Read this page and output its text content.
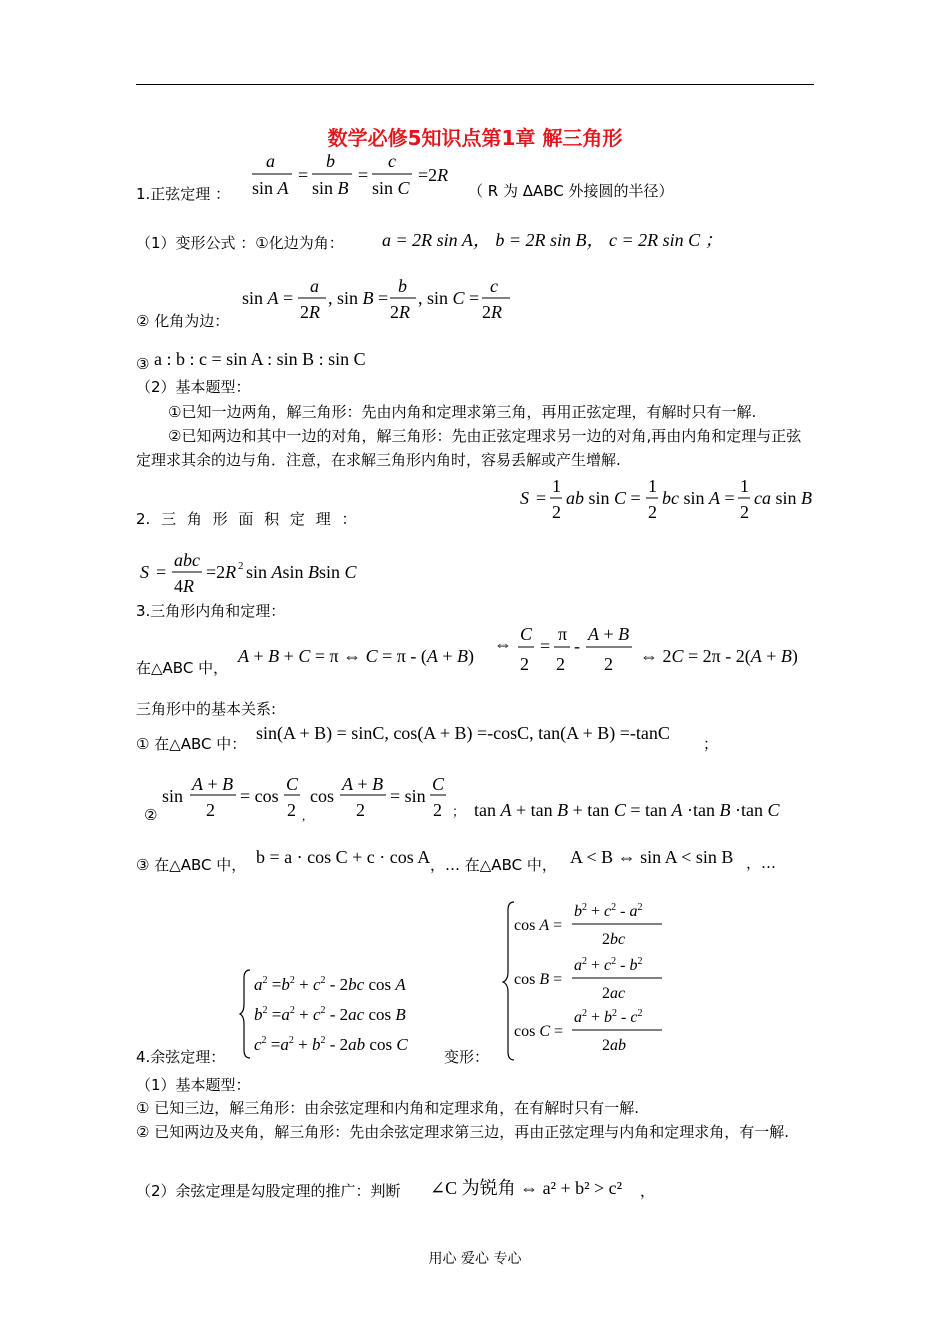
数学必修5知识点第1章 解三角形
1.正弦定理 ：
a
sin A
=
b
sin B
=
c
sin C
=2R
（ R 为 ΔABC 外接圆的半径）
（1）变形公式 ：①化边为角： a = 2R sin A， b = 2R sin B， c = 2R sin C ；
② 化角为边：
sin A =
a
2R
, sin B =
b
2R
, sin C =
c
2R
③ a : b : c = sin A : sin B : sin C
（2）基本题型：
①已知一边两角，解三角形：先由内角和定理求第三角，再用正弦定理，有解时只有一解.
②已知两边和其中一边的对角，解三角形：先由正弦定理求另一边的对角,再由内角和定理与正弦定理求其余的边与角．注意，在求解三角形内角时，容易丢解或产生增解.
2. 三 角 形 面 积 定 理 ：
S =
1
2
ab sin C =
1
2
bc sin A =
1
2
ca sin B
S =
abc
4R
=2R 2 sin Asin Bsin C
3.三角形内角和定理：
在△ABC 中，
A + B + C = π ⇔ C = π - (A + B)
⇔ C
2
=
π
2
-
A + B
2 ⇔ 2C = 2π - 2(A + B)
三角形中的基本关系:
① 在△ABC 中：
sin(A + B) = sinC, cos(A + B) =-cosC, tan(A + B) =-tanC
；
②
sin
A + B
2
= cos
C
2 ,
cos
A + B
2
= sin
C
2 ； tan A + tan B + tan C = tan A ·tan B ·tan C
③ 在△ABC 中， b = a · cos C + c · cos A ，… 在△ABC 中， A < B ⇔ sin A < sin B ，…
$a^2 =b^2 + c^2 - 2bc$ cos A
$b^2 =a^2 + c^2 - 2ac$ cos B
$c^2 =a^2 + b^2 - 2ab$ cos C
4.余弦定理：	变形：
cos A =
$b^2 + c^2 - a^2$
2bc
cos B =
$a^2 + c^2 - b^2$
2ac
cos C =
$a^2 + b^2 - c^2$
2ab
（1）基本题型：
① 已知三边，解三角形：由余弦定理和内角和定理求角，在有解时只有一解.
② 已知两边及夹角，解三角形：先由余弦定理求第三边，再由正弦定理与内角和定理求角，有一解.
（2）余弦定理是勾股定理的推广：判断 ∠C 为锐角 ⇔ a² + b² > c² ，
用心 爱心 专心
